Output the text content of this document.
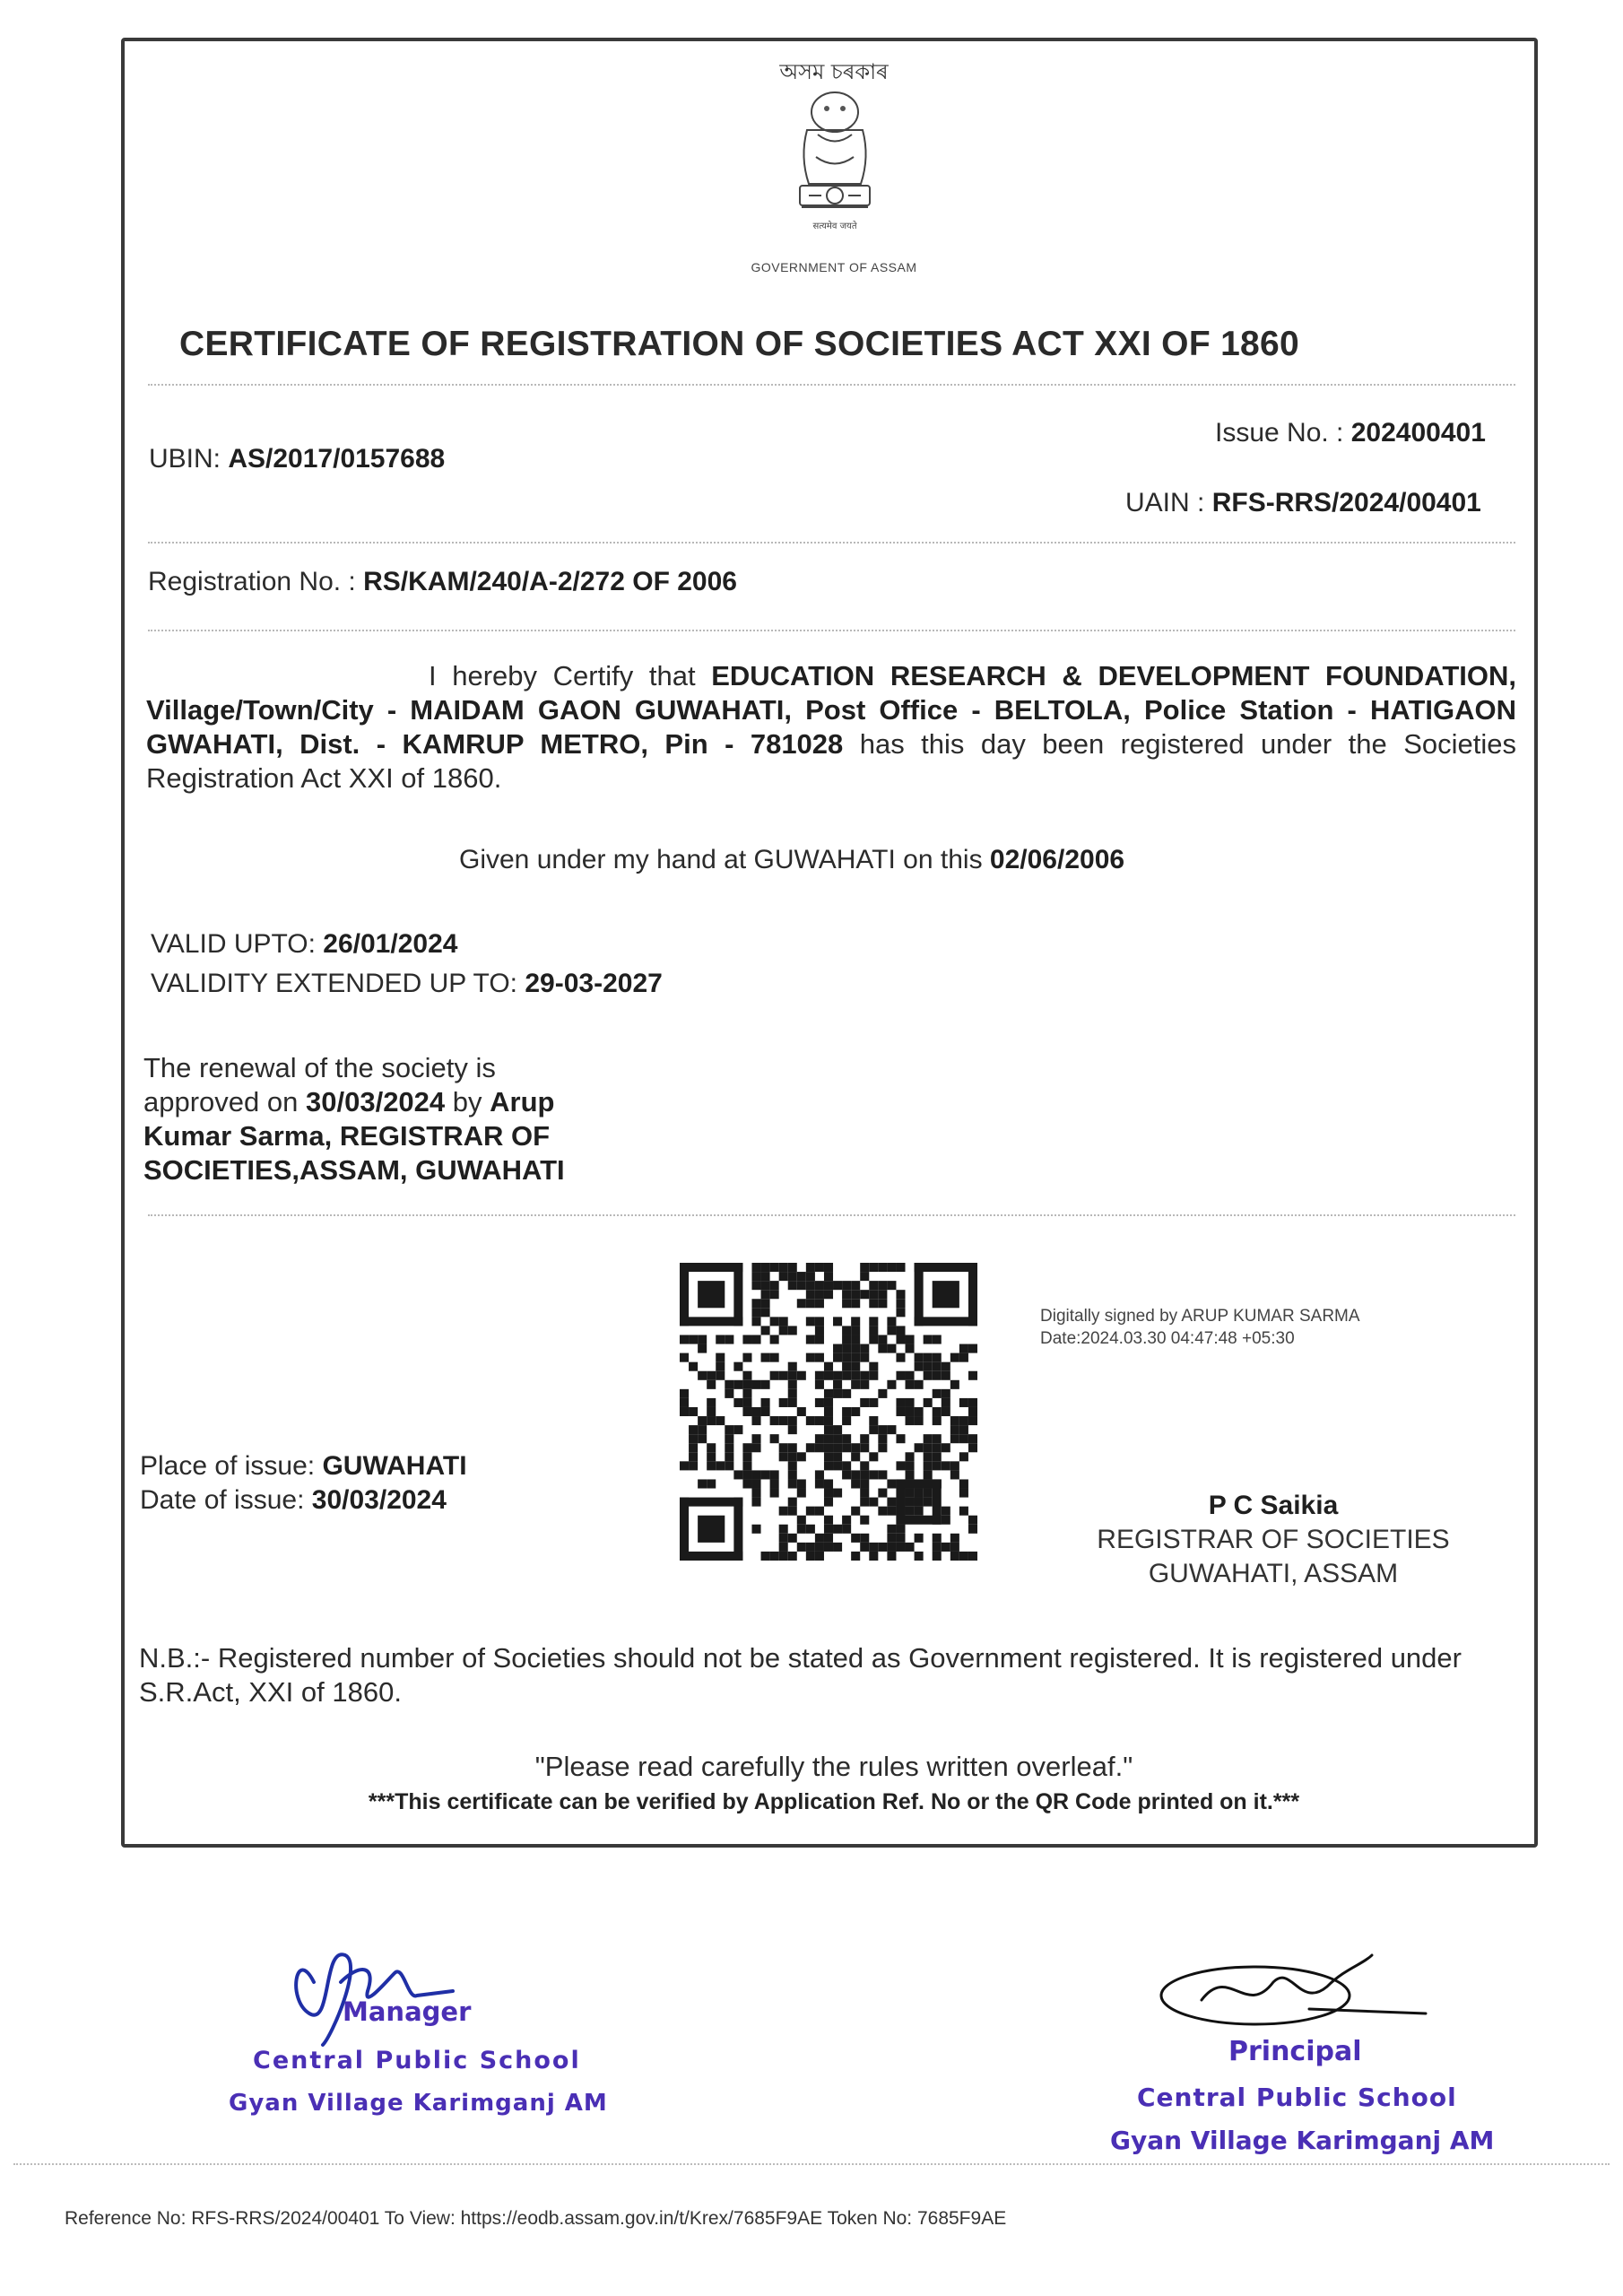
অসম চৰকাৰ
सत्यमेव जयते
GOVERNMENT OF ASSAM
CERTIFICATE OF REGISTRATION OF SOCIETIES ACT XXI OF 1860
Issue No. : 202400401
UBIN: AS/2017/0157688
UAIN : RFS-RRS/2024/00401
Registration No. : RS/KAM/240/A-2/272 OF 2006
I hereby Certify that EDUCATION RESEARCH & DEVELOPMENT FOUNDATION, Village/Town/City - MAIDAM GAON GUWAHATI, Post Office - BELTOLA, Police Station - HATIGAON GWAHATI, Dist. - KAMRUP METRO, Pin - 781028 has this day been registered under the Societies Registration Act XXI of 1860.
Given under my hand at GUWAHATI on this 02/06/2006
VALID UPTO: 26/01/2024
VALIDITY EXTENDED UP TO: 29-03-2027
The renewal of the society is
approved on 30/03/2024 by Arup Kumar Sarma, REGISTRAR OF SOCIETIES,ASSAM, GUWAHATI
Digitally signed by ARUP KUMAR SARMA
Date:2024.03.30 04:47:48 +05:30
Place of issue: GUWAHATI
Date of issue: 30/03/2024	P C Saikia
REGISTRAR OF SOCIETIES
GUWAHATI, ASSAM
N.B.:- Registered number of Societies should not be stated as Government registered. It is registered under S.R.Act, XXI of 1860.
"Please read carefully the rules written overleaf."
***This certificate can be verified by Application Ref. No or the QR Code printed on it.***
Manager
Central Public School
Gyan Village Karimganj AM
Principal
Central Public School
Gyan Village Karimganj AM
Reference No: RFS-RRS/2024/00401 To View: https://eodb.assam.gov.in/t/Krex/7685F9AE Token No: 7685F9AE
